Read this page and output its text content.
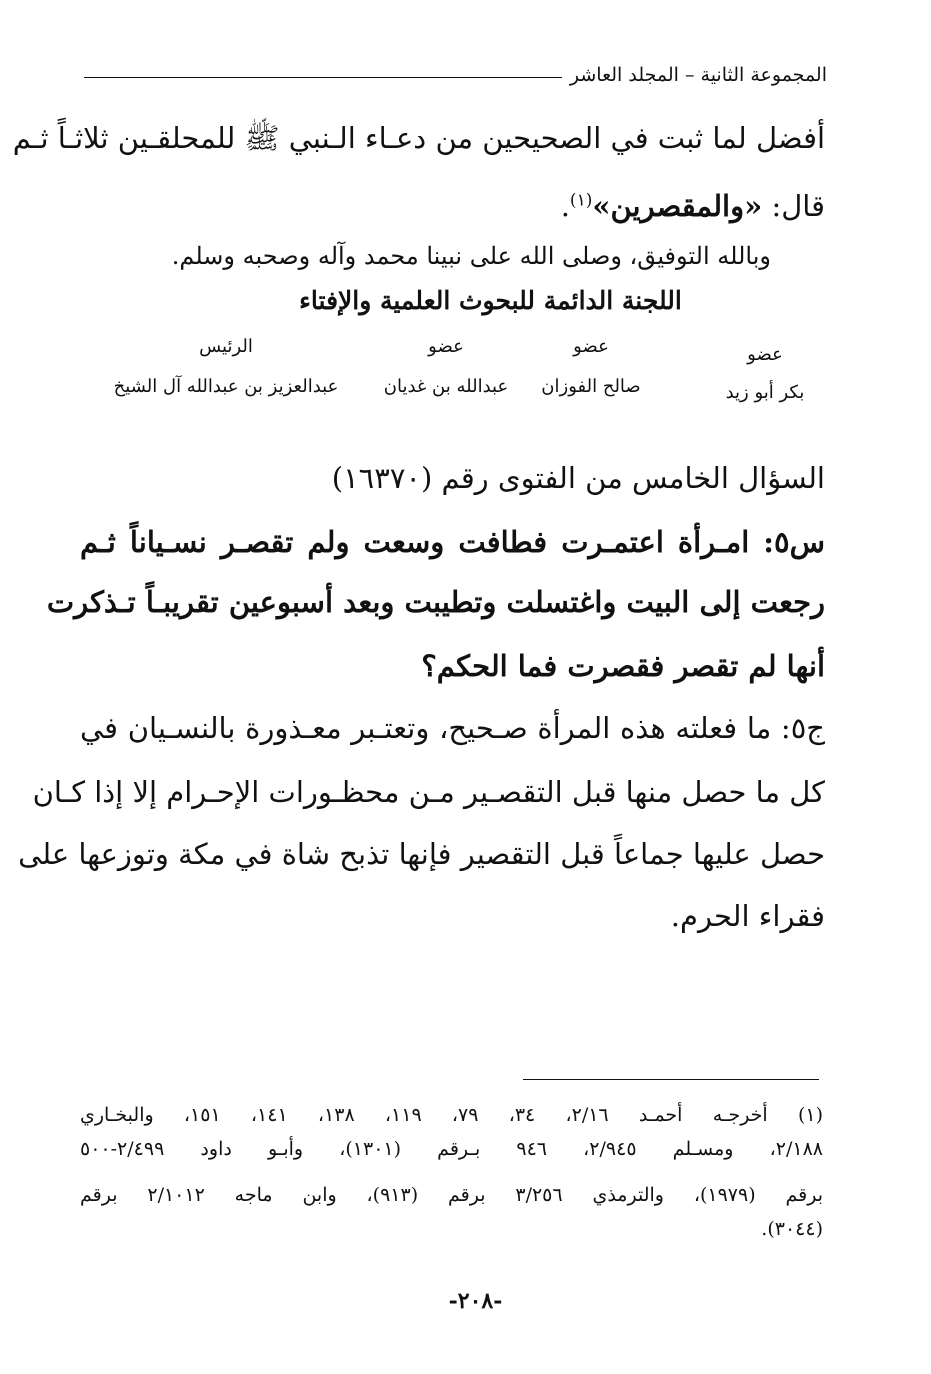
المجموعة الثانية – المجلد العاشر
أفضل لما ثبت في الصحيحين من دعـاء الـنبي ﷺ للمحلقـين ثلاثـاً ثـم
قال: «والمقصرين»$^{(١)}$.
وبالله التوفيق، وصلى الله على نبينا محمد وآله وصحبه وسلم.
اللجنة الدائمة للبحوث العلمية والإفتاء
عضو
بكر أبو زيد
عضو
صالح الفوزان
عضو
عبدالله بن غديان
الرئيس
عبدالعزيز بن عبدالله آل الشيخ
السؤال الخامس من الفتوى رقم (١٦٣٧٠)
س٥: امـرأة اعتمـرت فطافت وسعت ولم تقصـر نسـياناً ثـم
رجعت إلى البيت واغتسلت وتطيبت وبعد أسبوعين تقريبـاً تـذكرت
أنها لم تقصر فقصرت فما الحكم؟
ج٥: ما فعلته هذه المرأة صـحيح، وتعتـبر معـذورة بالنسـيان في
كل ما حصل منها قبل التقصـير مـن محظـورات الإحـرام إلا إذا كـان
حصل عليها جماعاً قبل التقصير فإنها تذبح شاة في مكة وتوزعها على
فقراء الحرم.
(١) أخرجـه أحمـد ٢/١٦، ٣٤، ٧٩، ١١٩، ١٣٨، ١٤١، ١٥١، والبخـاري
٢/١٨٨، ومسـلم ٢/٩٤٥، ٩٤٦ بـرقم (١٣٠١)، وأبـو داود ٢/٤٩٩-٥٠٠
برقم (١٩٧٩)، والترمذي ٣/٢٥٦ برقم (٩١٣)، وابن ماجه ٢/١٠١٢ برقم
(٣٠٤٤).
-٢٠٨-
